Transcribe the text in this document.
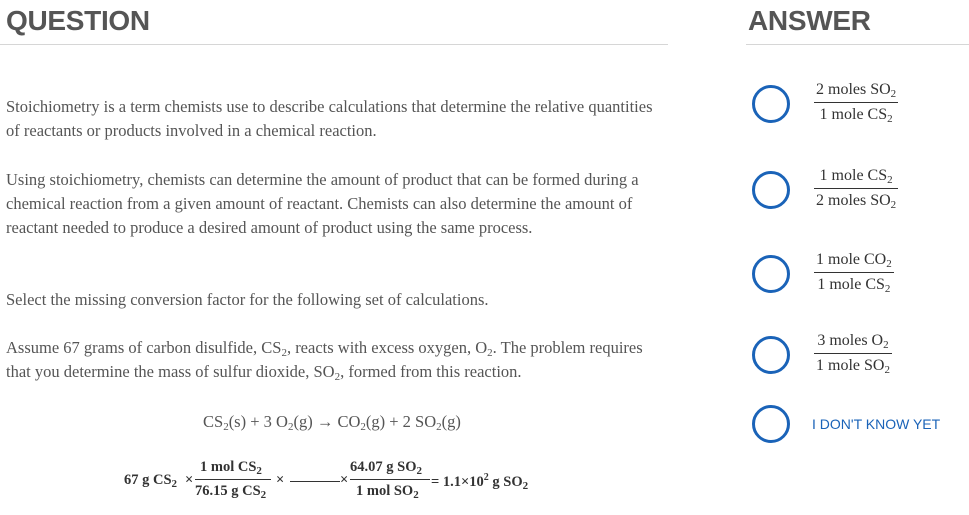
QUESTION

Stoichiometry is a term chemists use to describe calculations that determine the relative quantities of reactants or products involved in a chemical reaction.

Using stoichiometry, chemists can determine the amount of product that can be formed during a chemical reaction from a given amount of reactant. Chemists can also determine the amount of reactant needed to produce a desired amount of product using the same process.

Select the missing conversion factor for the following set of calculations.

Assume 67 grams of carbon disulfide, $CS_2$, reacts with excess oxygen, $O_2$. The problem requires that you determine the mass of sulfur dioxide, $SO_2$, formed from this reaction.

$CS_2(s) + 3$ $O_2(g) \to CO_2(g) + 2$ $SO_2(g)$
67 g $CS_2$ ×
1 mol $CS_2$
76.15 g $CS_2$
×	×
64.07 g $SO_2$
1 mol $SO_2$
= $1.1\times 10^2$ g $SO_2$
ANSWER
2 moles $SO_2$
1 mole $CS_2$
1 mole $CS_2$
2 moles $SO_2$
1 mole $CO_2$
1 mole $CS_2$
3 moles $O_2$
1 mole $SO_2$
I DON'T KNOW YET
